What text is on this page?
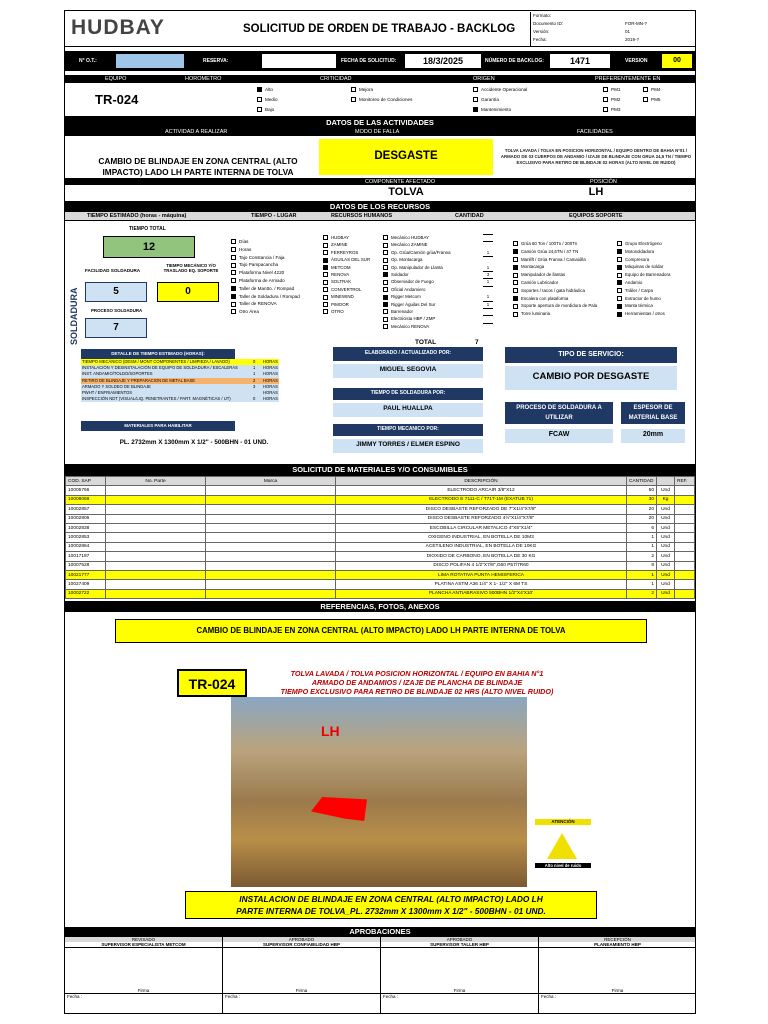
HUDBAY	SOLICITUD DE ORDEN DE TRABAJO - BACKLOG
Formato:
Documento ID:
Versión:
Fecha:
FOR-MN-?
01
2019-?
N° O.T.:	RESERVA:	FECHA DE SOLICITUD:	18/3/2025	NÚMERO DE BACKLOG:	1471	VERSION	00
EQUIPO	HOROMETRO	CRITICIDAD	ORIGEN	PREFERENTEMENTE EN
TR-024
Alto
Medio
Bajo
Mejora
Monitoreo de Condiciones
Accidente Operacional
Garantía
Mantenimiento
PM1
PM2
PM3
PM4
PM5
DATOS DE LAS ACTIVIDADES
ACTIVIDAD A REALIZAR	MODO DE FALLA	FACILIDADES
CAMBIO DE BLINDAJE EN ZONA CENTRAL (ALTO IMPACTO) LADO LH PARTE INTERNA DE TOLVA
DESGASTE	TOLVA LAVADA / TOLVA EN POSICION HORIZONTAL / EQUIPO DENTRO DE BAHIA N°01 / ARMADO DE 03 CUERPOS DE ANDAMIO / IZAJE DE BLINDAJE CON GRUA 24,6 TN / TIEMPO EXCLUSIVO PARA RETIRO DE BLINDAJE 02 HORAS (ALTO NIVEL DE RUIDO)
COMPONENTE AFECTADO	POSICIÓN
TOLVA	LH
DATOS DE LOS RECURSOS
TIEMPO ESTIMADO (horas - máquina)	TIEMPO - LUGAR	RECURSOS HUMANOS	CANTIDAD	EQUIPOS SOPORTE
TIEMPO TOTAL
12
SOLDADURA
FACILIDAD SOLDADURA
TIEMPO MECÁNICO Y/O TRASLADO EQ. SOPORTE
5	0
PROCESO SOLDADURA
7
Días
Horas
Tajo Constancia / Faja
Tajo Pampacancha
Plataforma Nivel 4220
Plataforma de Armado
Taller de Mantto. / Rompad
Taller de Soldadura / Rompad
Taller de RENOVA
Otro Área
HUDBAY
ZAMINE
FERREYROS
ÁGUILAS DEL SUR
METCOM
RENOVA
SOLTRAK
CONVERTROL
MINEWIND
PIMOOR
OTRO
Mecánico HUDBAY
Mecánico ZAMINE
Op. Grúa/Camión grúa/Franna	1
Op. Montacarga
Op. Manipulador de Llanta	1
Soldador	3
Observador de Fuego	1
Oficial Andamiero
Rigger Metcom	1
Rigger Águilas Del Sur	1
Barrenador
Electricista HBP / ZMP
Mecánico RENOVA
TOTAL	7
Grúa 60 Ton / 100Tn / 200Tn
Camión Grúa 24,6TN / 47 TN
Manlift / Grúa Franna / Camaiólla
Montacarga
Manipulador de llantas
Camión Lubricador
Soportes / tacos / gata hidráulica
Escalera con plataforma
Soporte apertura de mordidura de Pala
Torre luminaria
Grupo Electrógeno
Motosoldadora
Compresora
Máquinas de soldar
Equipo de Barrenadora
Andamio
Tráiler / Carpa
Extractor de humo
Manta térmica
Herramientas / otros
DETALLE DE TIEMPO ESTIMADO (HORAS):
TIEMPO MECÁNICO (DESM / MONT COMPONENTES / LIMPIEZA / LAVADO)	0 HORAS
INSTALACIÓN Y DESINSTALACIÓN DE EQUIPO DE SOLDADURA / ESCALERAS	1 HORAS
INST. ANDAMIO/TOLDO/SOPORTES	1 HORAS
RETIRO DE BLINDAJE Y PREPARACION DE METAL BASE	2 HORAS
ARMADO Y SOLDEO DE BLINDAJE	3 HORAS
PWHT / ENFRIAMIENTOS	HORAS
INSPECCIÓN NDT (VISUAL/LIQ. PENETRANTES / PART. MAGNÉTICAS / UT)	0 HORAS
MATERIALES PARA HABILITAR
PL. 2732mm X 1300mm X 1/2" - 500BHN - 01 UND.
ELABORADO / ACTUALIZADO POR:
MIGUEL SEGOVIA
TIEMPO DE SOLDADURA POR:
PAUL HUALLPA
TIEMPO MECANICO POR:
JIMMY TORRES / ELMER ESPINO
TIPO DE SERVICIO:
CAMBIO POR DESGASTE
PROCESO DE SOLDADURA A UTILIZAR
FCAW
ESPESOR DE MATERIAL BASE
20mm
SOLICITUD DE MATERIALES Y/O CONSUMIBLES
COD. SAP	No. Parte	Marca	DESCRIPCIÓN	CANTIDAD		REF.
10005766			ELECTRODO ARCAIR 3/8"X12	50	Und	
10008068			ELECTRODO E 7111-C / T71T-1M (EXATUB 71)	30	Kg	
10002857			DISCO DESBASTE REFORZADO DE 7"X1/4"X7/8"	20	Und	
10002806			DISCO DESBASTE REFORZADO 4½"X1/4"X7/8"	20	Und	
10002838			ESCOBILLA CIRCULAR METALICO 4"X5"X1/4"	6	Und	
10002853			OXIGENO INDUSTRIAL, EN BOTELLA DE 10M3	1	Und	
10002864			ACETILENO INDUSTRIAL, EN BOTELLA DE 10KG	1	Und	
10017187			DIOXIDO DE CARBONO, EN BOTELLA DE 30 KG	2	Und	
10007528			DISCO POLIFAN 4 1/2"X7/8",G60 P57/7R60	8	Und	
10021777			LIMA ROTATIVA PUNTA HEMISFERICA	1	Und	
10027409			PLATINA ASTM A36 1/4" X 1- 1/2" X 6M TS	1	Und	
10002722			PLANCHA ANTIABRASIVO 500BHN 1/2"X4'X10'	2	Und	
REFERENCIAS, FOTOS, ANEXOS
CAMBIO DE BLINDAJE EN ZONA CENTRAL (ALTO IMPACTO) LADO LH PARTE INTERNA DE TOLVA
TR-024
TOLVA LAVADA / TOLVA POSICION HORIZONTAL / EQUIPO EN BAHIA N°1
ARMADO DE ANDAMIOS / IZAJE DE PLANCHA DE BLINDAJE
TIEMPO EXCLUSIVO PARA RETIRO DE BLINDAJE 02 HRS (ALTO NIVEL RUIDO)
LH
ATENCIÓN
Alto nivel de ruido
INSTALACION DE BLINDAJE EN ZONA CENTRAL (ALTO IMPACTO) LADO LH
PARTE INTERNA DE TOLVA_PL. 2732mm X 1300mm X 1/2" - 500BHN - 01 UND.
APROBACIONES
REVISADO
SUPERVISOR ESPECIALISTA METCOM
Firma
Fecha :
APROBADO
SUPERVISOR CONFIABILIDAD HBP
Firma
Fecha :
APROBADO
SUPERVISOR TALLER HBP
Firma
Fecha :
RECEPCIÓN
PLANEAMIENTO HBP
Firma
Fecha :
